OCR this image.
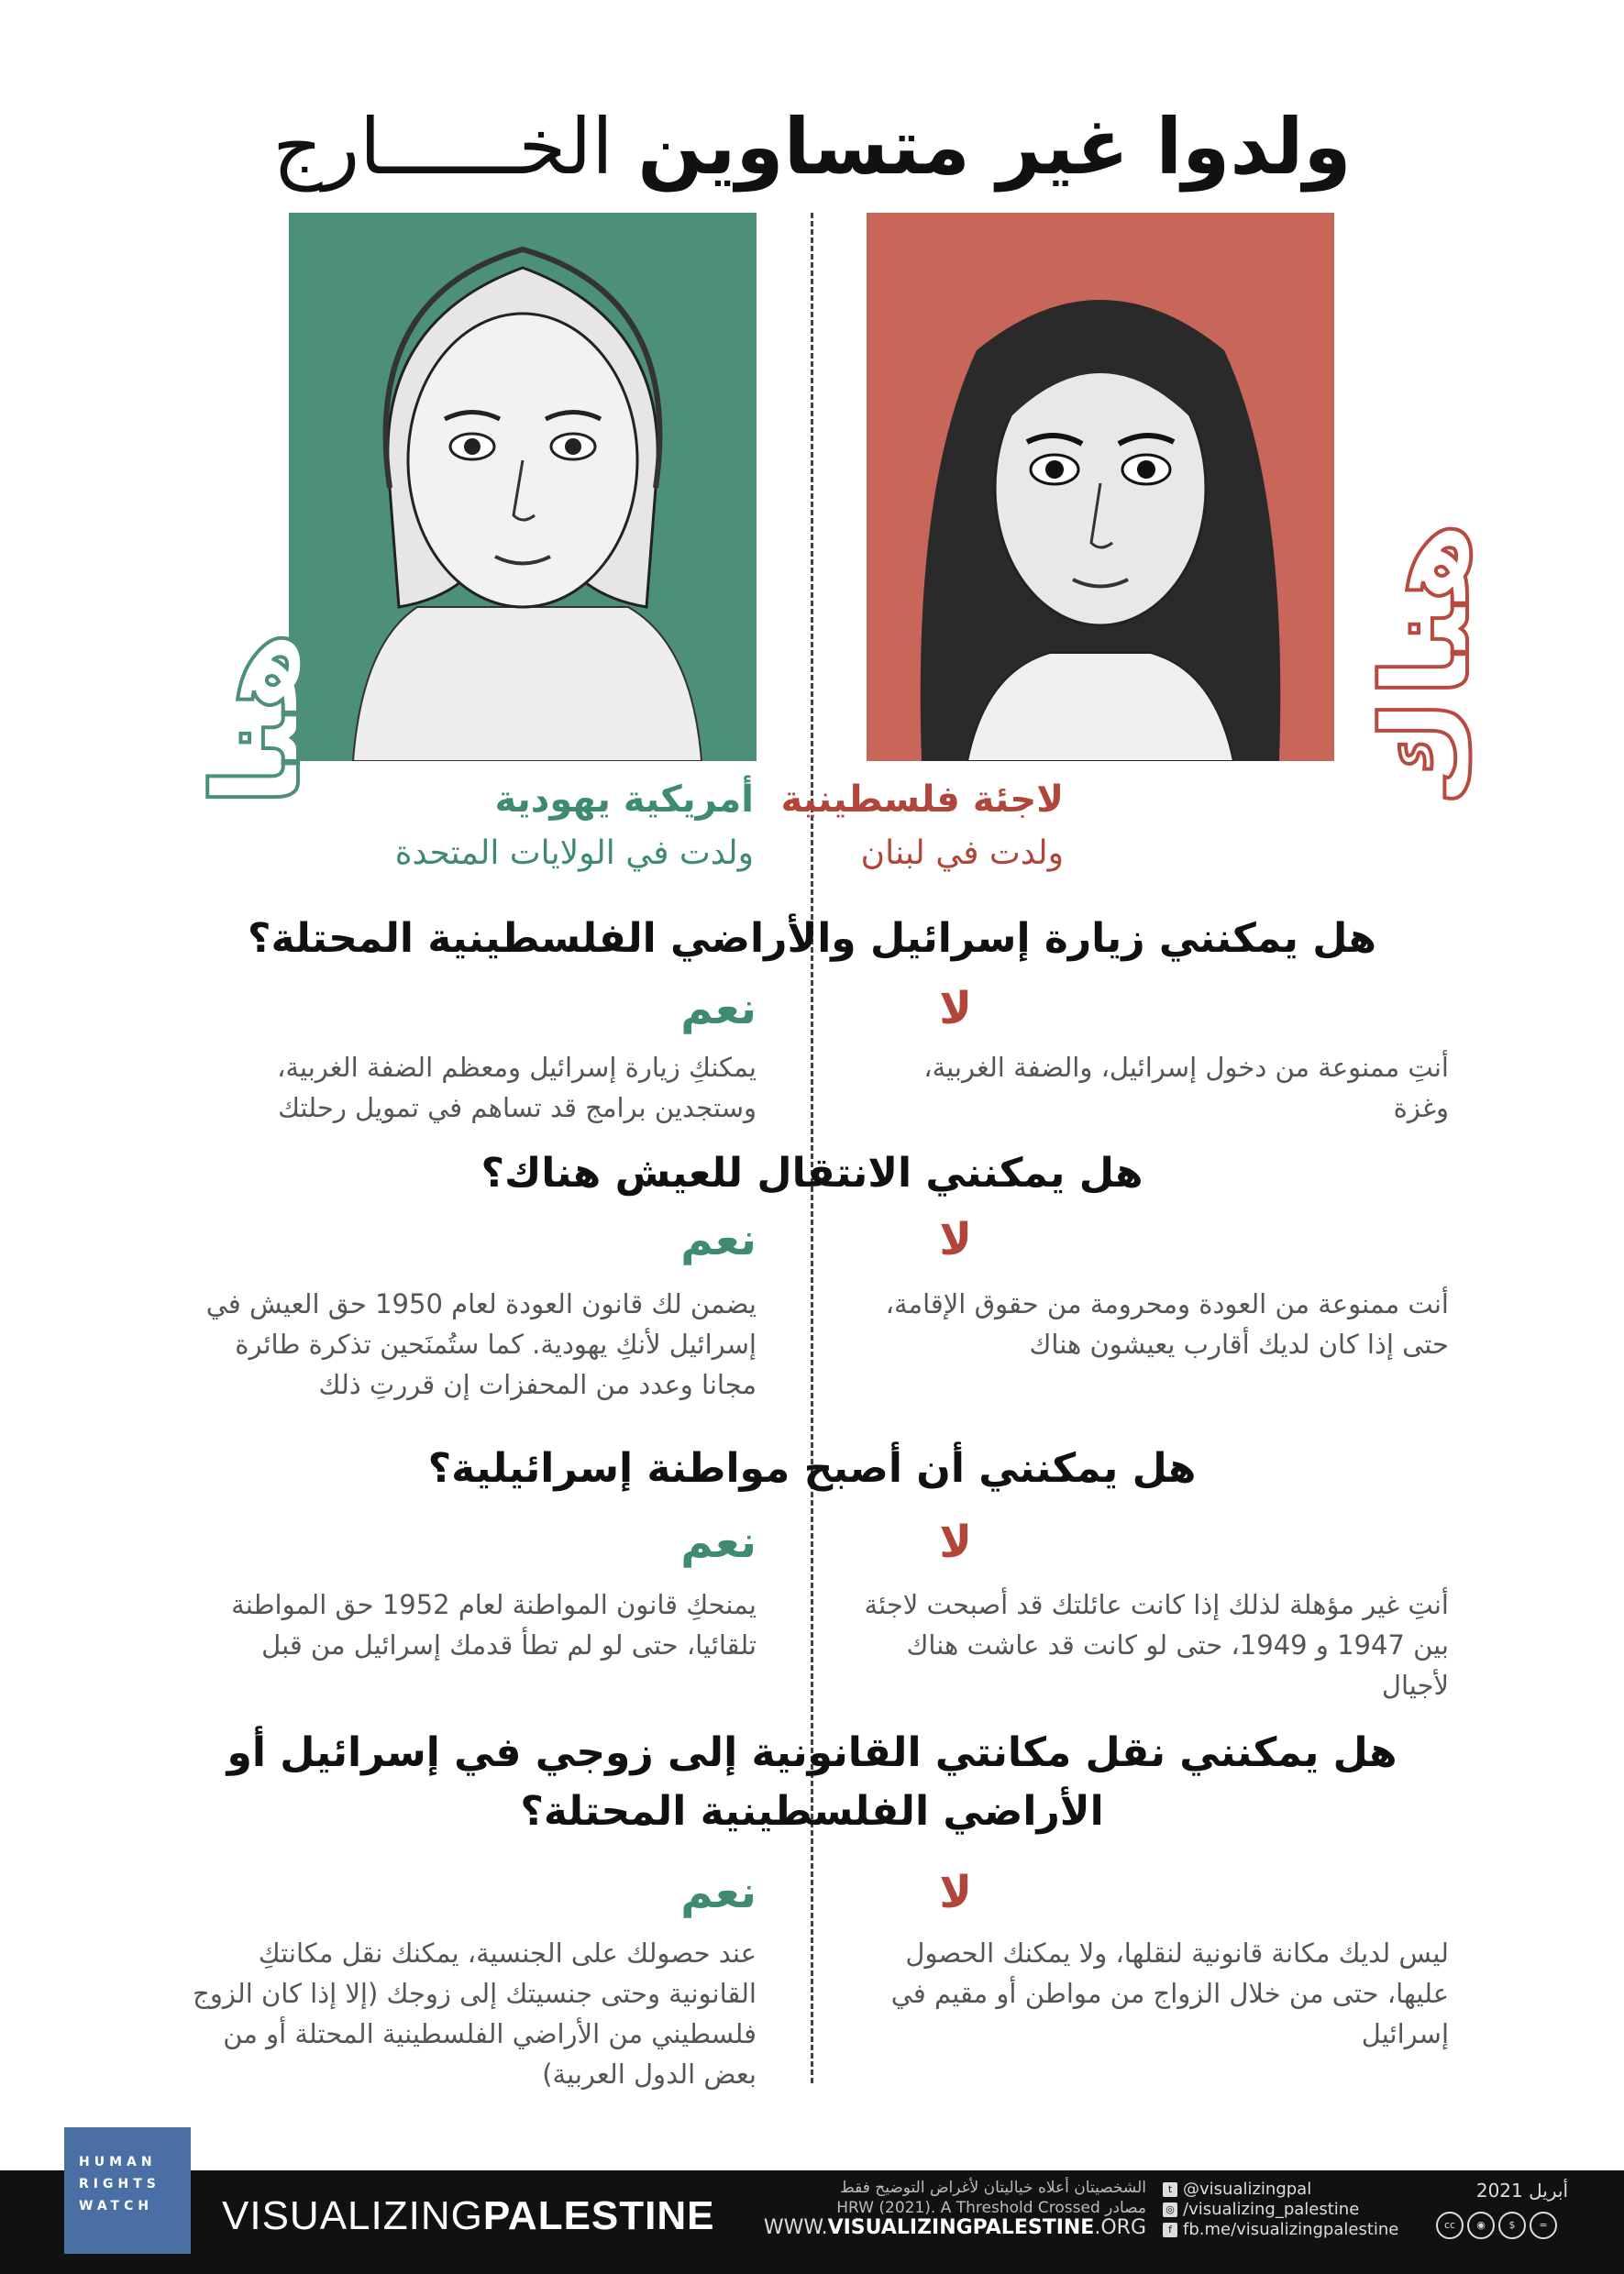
ولدوا غير متساوين الخــــــارج
هنا	هناك
أمريكية يهودية
ولدت في الولايات المتحدة
لاجئة فلسطينية
ولدت في لبنان
هل يمكنني زيارة إسرائيل والأراضي الفلسطينية المحتلة؟
نعم	لا
يمكنكِ زيارة إسرائيل ومعظم الضفة الغربية، وستجدين برامج قد تساهم في تمويل رحلتك
أنتِ ممنوعة من دخول إسرائيل، والضفة الغربية، وغزة
هل يمكنني الانتقال للعيش هناك؟
نعم	لا
يضمن لك قانون العودة لعام 1950 حق العيش في إسرائيل لأنكِ يهودية. كما ستُمنَحين تذكرة طائرة مجانا وعدد من المحفزات إن قررتِ ذلك
أنت ممنوعة من العودة ومحرومة من حقوق الإقامة، حتى إذا كان لديك أقارب يعيشون هناك
هل يمكنني أن أصبح مواطنة إسرائيلية؟
نعم	لا
يمنحكِ قانون المواطنة لعام 1952 حق المواطنة تلقائيا، حتى لو لم تطأ قدمك إسرائيل من قبل
أنتِ غير مؤهلة لذلك إذا كانت عائلتك قد أصبحت لاجئة بين 1947 و 1949، حتى لو كانت قد عاشت هناك لأجيال
هل يمكنني نقل مكانتي القانونية إلى زوجي في إسرائيل أو الأراضي الفلسطينية المحتلة؟
نعم	لا
عند حصولك على الجنسية، يمكنك نقل مكانتكِ القانونية وحتى جنسيتك إلى زوجك (إلا إذا كان الزوج فلسطيني من الأراضي الفلسطينية المحتلة أو من بعض الدول العربية)
ليس لديك مكانة قانونية لنقلها، ولا يمكنك الحصول عليها، حتى من خلال الزواج من مواطن أو مقيم في إسرائيل
HUMAN
RIGHTS
WATCH	VISUALIZINGPALESTINE
الشخصيتان أعلاه خياليتان لأغراض التوضيح فقط
مصادر HRW (2021). A Threshold Crossed
WWW.VISUALIZINGPALESTINE.ORG
t @visualizingpal
◎ /visualizing_palestine
f fb.me/visualizingpalestine
أبريل 2021
cc	◉	$	=
